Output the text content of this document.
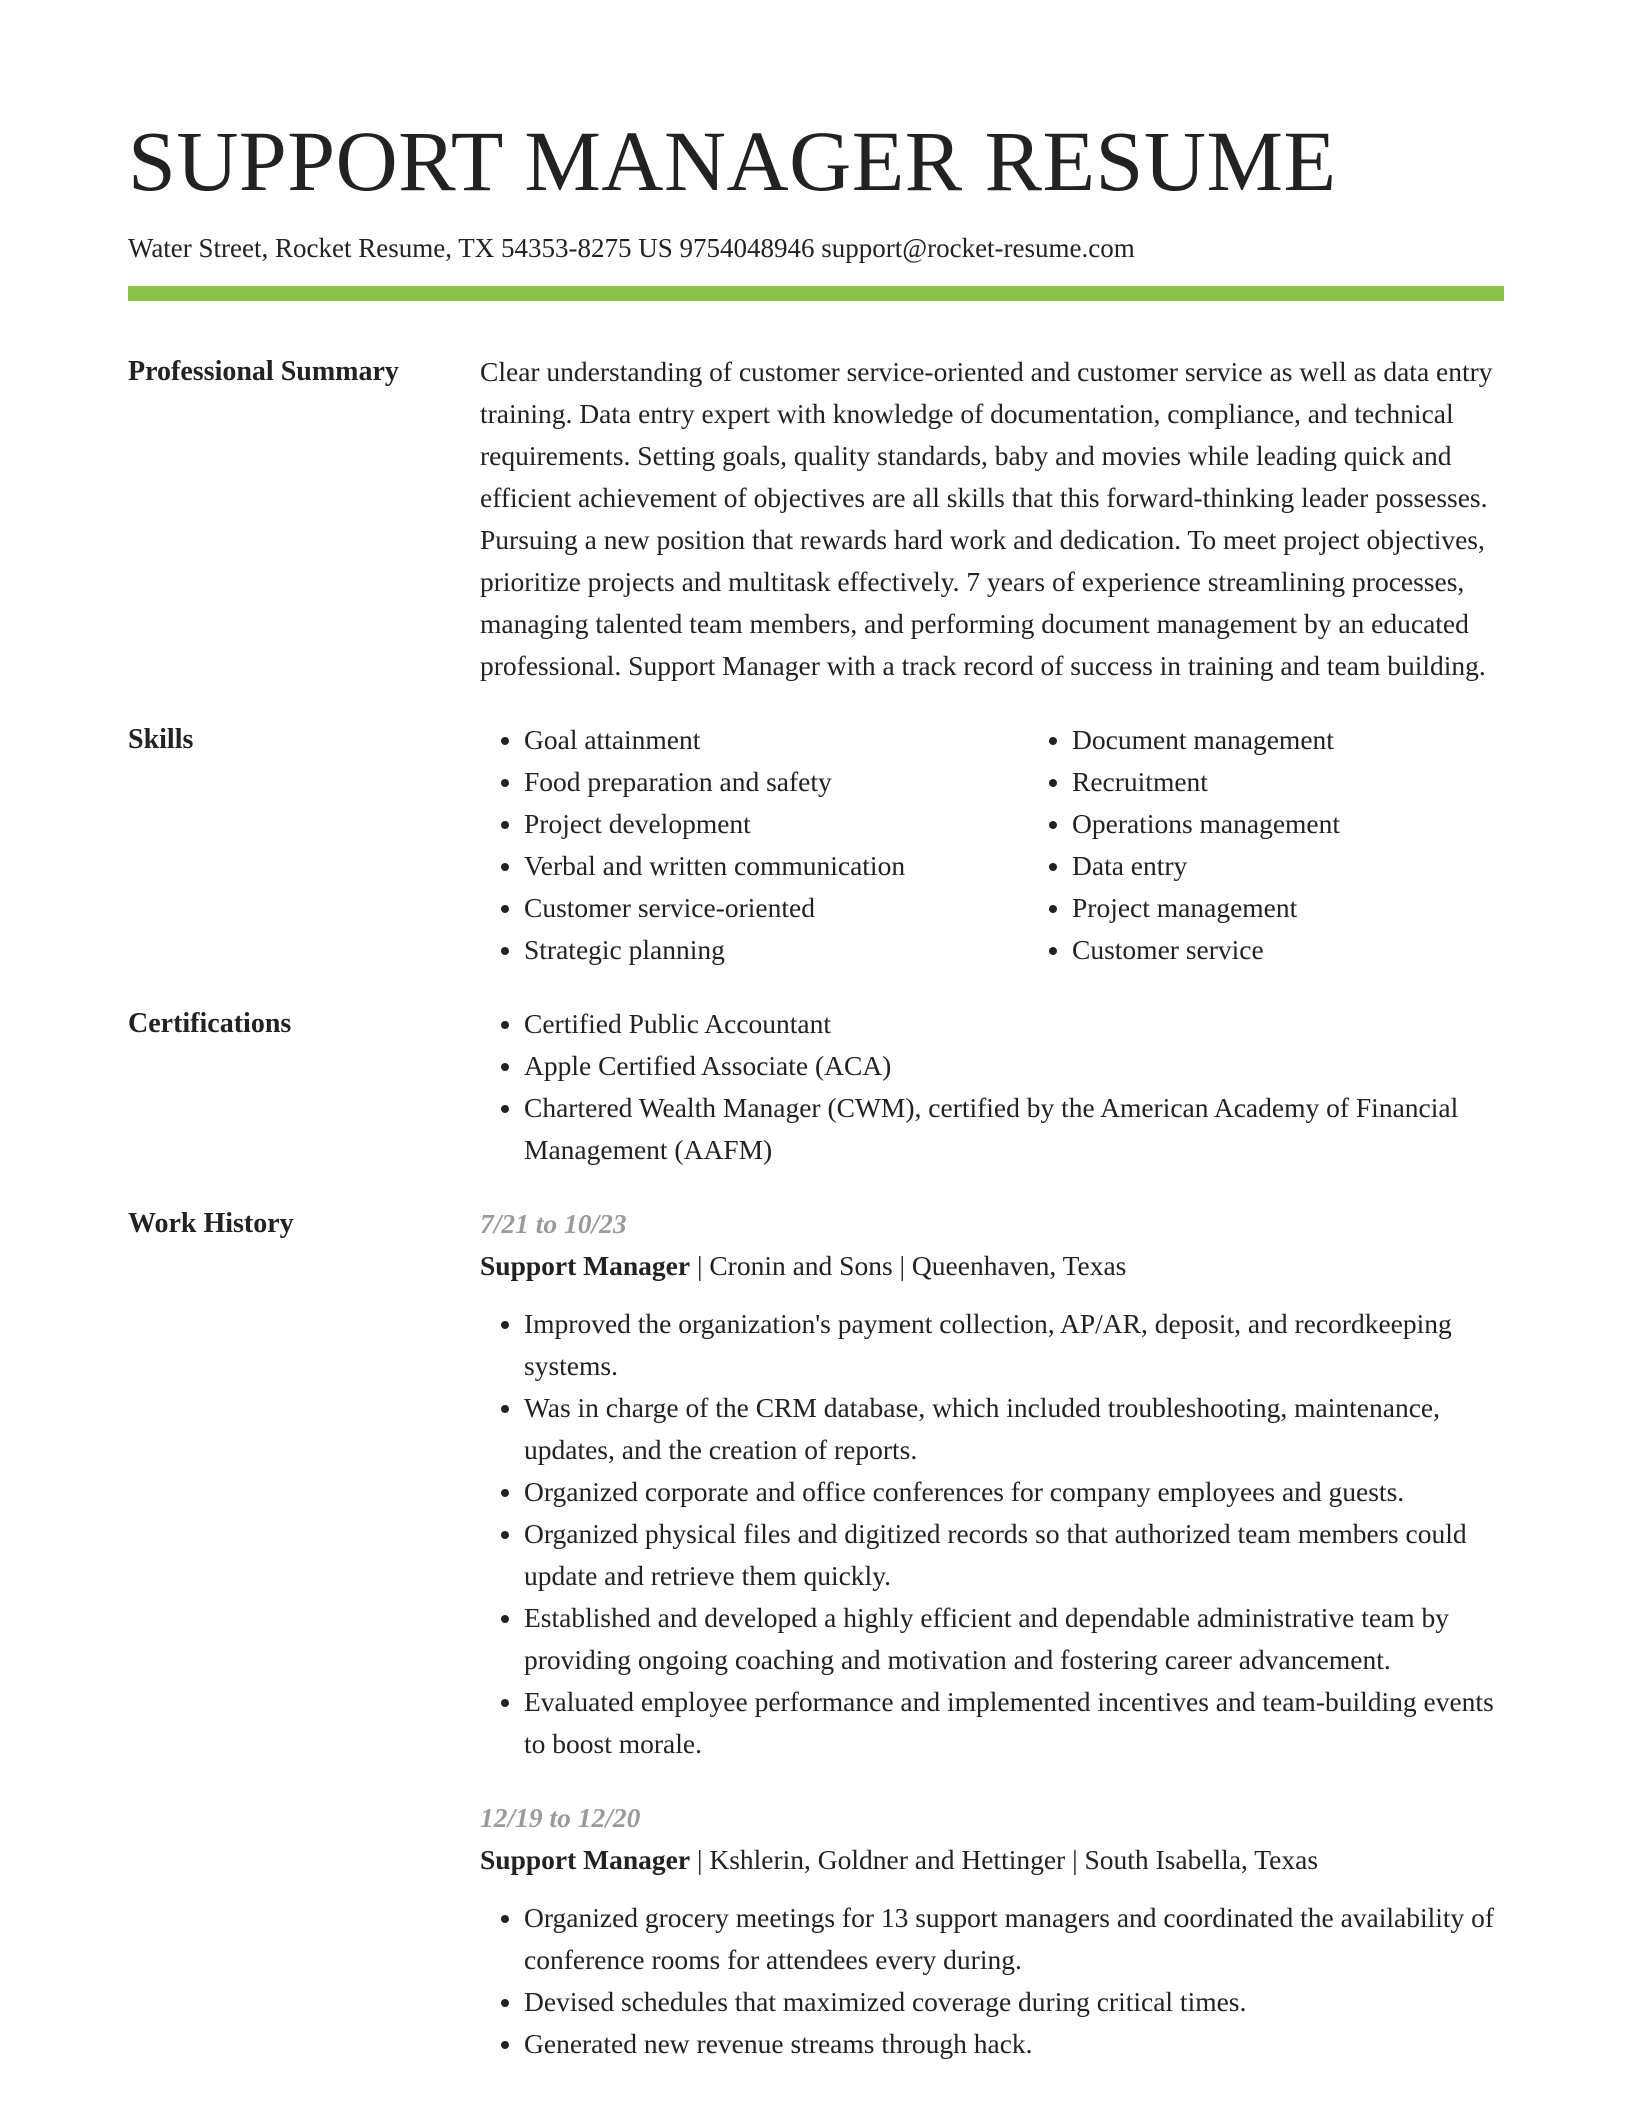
SUPPORT MANAGER RESUME
Water Street, Rocket Resume, TX 54353-8275 US 9754048946 support@rocket-resume.com
Professional Summary	Clear understanding of customer service-oriented and customer service as well as data entry training. Data entry expert with knowledge of documentation, compliance, and technical requirements. Setting goals, quality standards, baby and movies while leading quick and efficient achievement of objectives are all skills that this forward-thinking leader possesses. Pursuing a new position that rewards hard work and dedication. To meet project objectives, prioritize projects and multitask effectively. 7 years of experience streamlining processes, managing talented team members, and performing document management by an educated professional. Support Manager with a track record of success in training and team building.

Skills	• Goal attainment
• Food preparation and safety
• Project development
• Verbal and written communication
• Customer service-oriented
• Strategic planning
• Document management
• Recruitment
• Operations management
• Data entry
• Project management
• Customer service
Certifications	• Certified Public Accountant
• Apple Certified Associate (ACA)
• Chartered Wealth Manager (CWM), certified by the American Academy of Financial Management (AAFM)
Work History	7/21 to 10/23
Support Manager | Cronin and Sons | Queenhaven, Texas
• Improved the organization's payment collection, AP/AR, deposit, and recordkeeping systems.
• Was in charge of the CRM database, which included troubleshooting, maintenance, updates, and the creation of reports.
• Organized corporate and office conferences for company employees and guests.
• Organized physical files and digitized records so that authorized team members could update and retrieve them quickly.
• Established and developed a highly efficient and dependable administrative team by providing ongoing coaching and motivation and fostering career advancement.
• Evaluated employee performance and implemented incentives and team-building events to boost morale.
12/19 to 12/20
Support Manager | Kshlerin, Goldner and Hettinger | South Isabella, Texas
• Organized grocery meetings for 13 support managers and coordinated the availability of conference rooms for attendees every during.
• Devised schedules that maximized coverage during critical times.
• Generated new revenue streams through hack.
